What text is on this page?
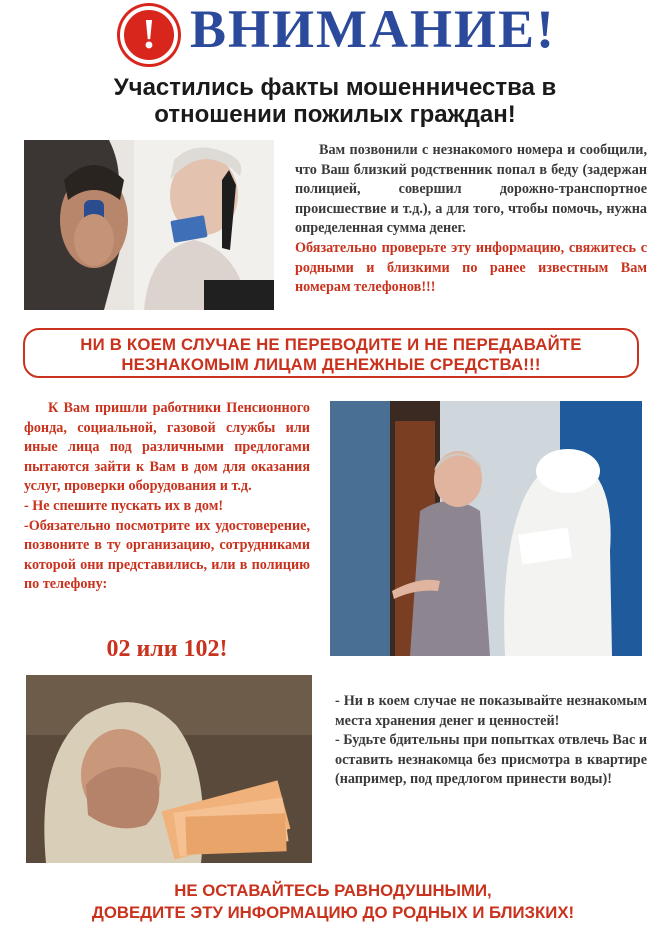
! ВНИМАНИЕ!
Участились факты мошенничества в
отношении пожилых граждан!

Вам позвонили с незнакомого номера и сообщили, что Ваш близкий родственник попал в беду (задержан полицией, совершил дорожно-транспортное происшествие и т.д.), а для того, чтобы помочь, нужна определенная сумма денег.

Обязательно проверьте эту информацию, свяжитесь с родными и близкими по ранее известным Вам номерам телефонов!!!

НИ В КОЕМ СЛУЧАЕ НЕ ПЕРЕВОДИТЕ И НЕ ПЕРЕДАВАЙТЕ
НЕЗНАКОМЫМ ЛИЦАМ ДЕНЕЖНЫЕ СРЕДСТВА!!!

К Вам пришли работники Пенсионного фонда, социальной, газовой службы или иные лица под различными предлогами пытаются зайти к Вам в дом для оказания услуг, проверки оборудования и т.д.

- Не спешите пускать их в дом!

-Обязательно посмотрите их удостоверение, позвоните в ту организацию, сотрудниками которой они представились, или в полицию по телефону:

02 или 102!

- Ни в коем случае не показывайте незнакомым места хранения денег и ценностей!

- Будьте бдительны при попытках отвлечь Вас и оставить незнакомца без присмотра в квартире (например, под предлогом принести воды)!

НЕ ОСТАВАЙТЕСЬ РАВНОДУШНЫМИ,
ДОВЕДИТЕ ЭТУ ИНФОРМАЦИЮ ДО РОДНЫХ И БЛИЗКИХ!
